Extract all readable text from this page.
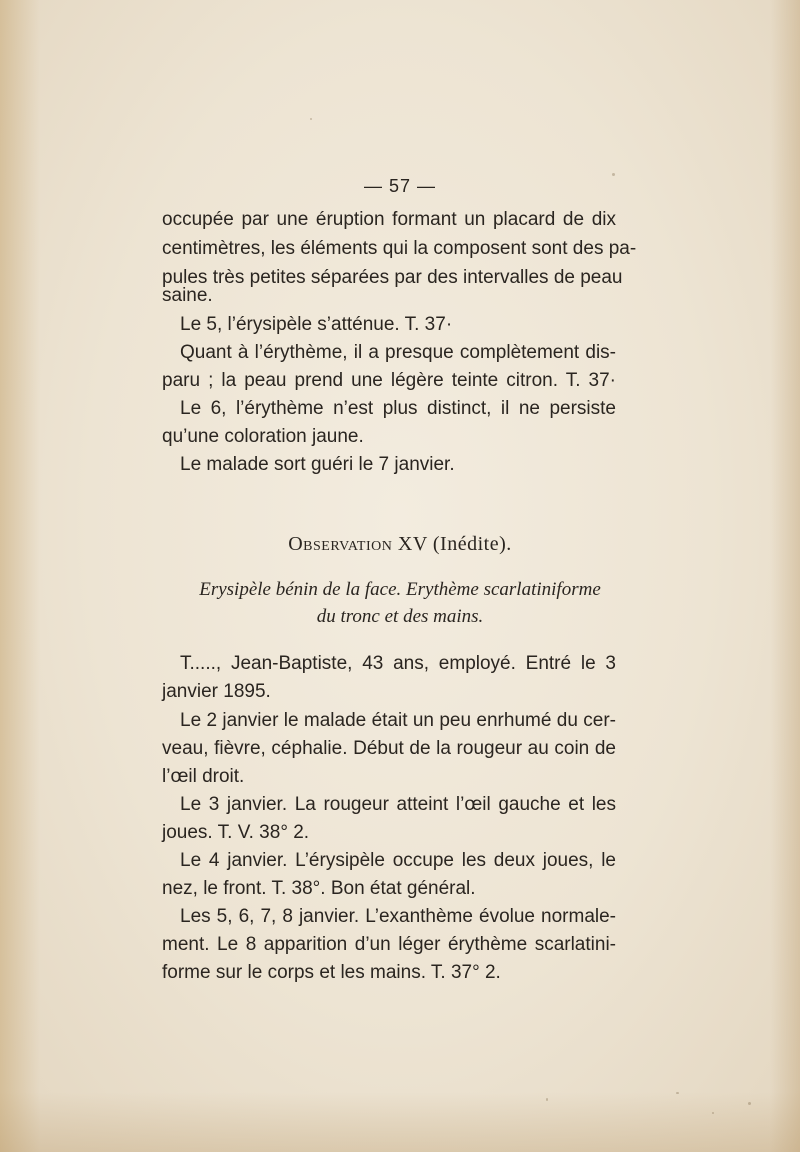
— 57 —
occupée par une éruption formant un placard de dix
centimètres, les éléments qui la composent sont des pa-
pules très petites séparées par des intervalles de peau
saine.
Le 5, l’érysipèle s’atténue. T. 37·
Quant à l’érythème, il a presque complètement dis-
paru ; la peau prend une légère teinte citron. T. 37·
Le 6, l’érythème n’est plus distinct, il ne persiste
qu’une coloration jaune.
Le malade sort guéri le 7 janvier.
Observation XV (Inédite).
Erysipèle bénin de la face. Erythème scarlatiniforme
du tronc et des mains.
T....., Jean-Baptiste, 43 ans, employé. Entré le 3
janvier 1895.
Le 2 janvier le malade était un peu enrhumé du cer-
veau, fièvre, céphalie. Début de la rougeur au coin de
l’œil droit.
Le 3 janvier. La rougeur atteint l’œil gauche et les
joues. T. V. 38° 2.
Le 4 janvier. L’érysipèle occupe les deux joues, le
nez, le front. T. 38°. Bon état général.
Les 5, 6, 7, 8 janvier. L’exanthème évolue normale-
ment. Le 8 apparition d’un léger érythème scarlatini-
forme sur le corps et les mains. T. 37° 2.
